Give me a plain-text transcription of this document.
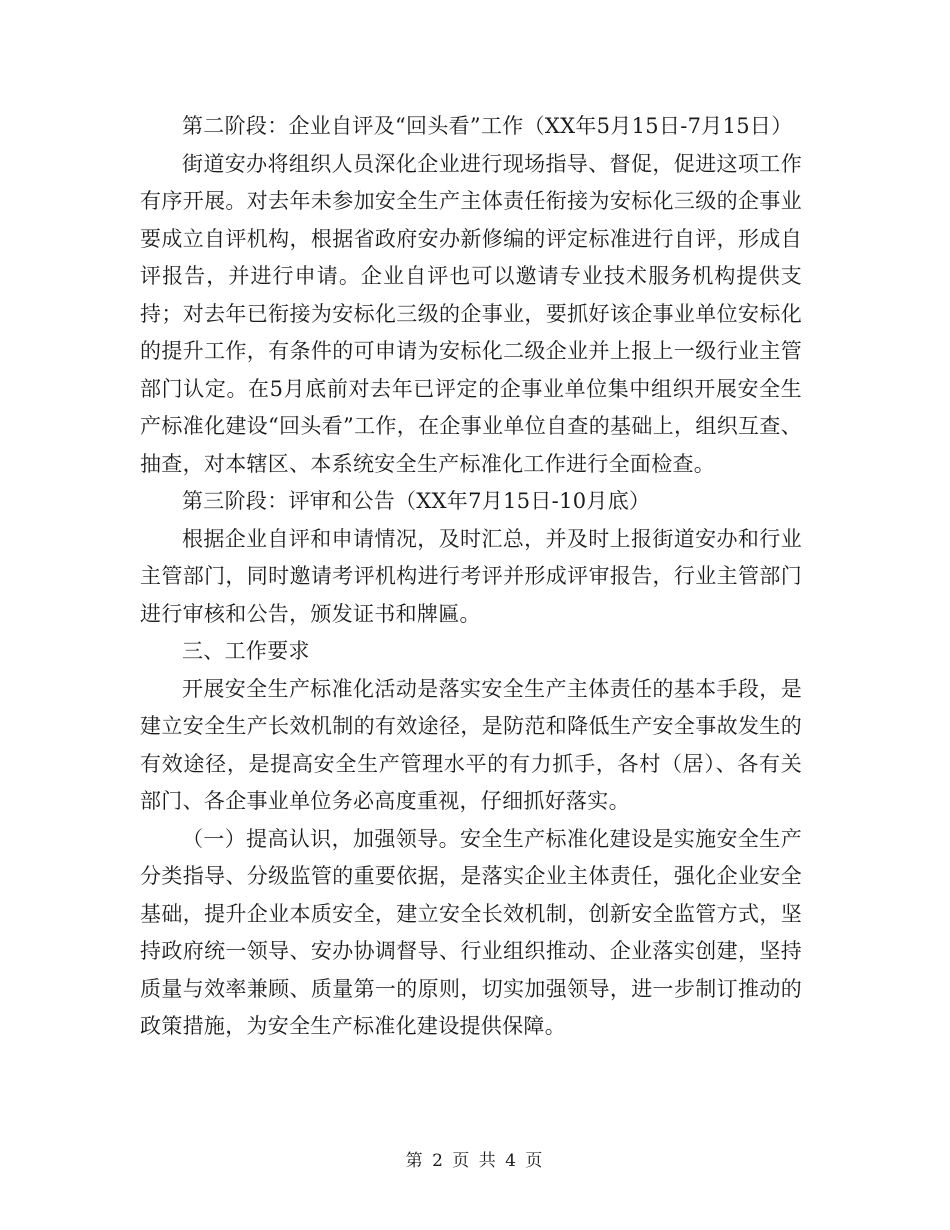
第二阶段：企业自评及“回头看”工作（XX年5月15日-7月15日）

街道安办将组织人员深化企业进行现场指导、督促，促进这项工作有序开展。对去年未参加安全生产主体责任衔接为安标化三级的企事业要成立自评机构，根据省政府安办新修编的评定标准进行自评，形成自评报告，并进行申请。企业自评也可以邀请专业技术服务机构提供支持；对去年已衔接为安标化三级的企事业，要抓好该企事业单位安标化的提升工作，有条件的可申请为安标化二级企业并上报上一级行业主管部门认定。在5月底前对去年已评定的企事业单位集中组织开展安全生产标准化建设“回头看”工作，在企事业单位自查的基础上，组织互查、抽查，对本辖区、本系统安全生产标准化工作进行全面检查。

第三阶段：评审和公告（XX年7月15日-10月底）

根据企业自评和申请情况，及时汇总，并及时上报街道安办和行业主管部门，同时邀请考评机构进行考评并形成评审报告，行业主管部门进行审核和公告，颁发证书和牌匾。

三、工作要求

开展安全生产标准化活动是落实安全生产主体责任的基本手段，是建立安全生产长效机制的有效途径，是防范和降低生产安全事故发生的有效途径，是提高安全生产管理水平的有力抓手，各村（居）、各有关部门、各企事业单位务必高度重视，仔细抓好落实。

（一）提高认识，加强领导。安全生产标准化建设是实施安全生产分类指导、分级监管的重要依据，是落实企业主体责任，强化企业安全基础，提升企业本质安全，建立安全长效机制，创新安全监管方式，坚持政府统一领导、安办协调督导、行业组织推动、企业落实创建，坚持质量与效率兼顾、质量第一的原则，切实加强领导，进一步制订推动的政策措施，为安全生产标准化建设提供保障。

第 2 页 共 4 页
